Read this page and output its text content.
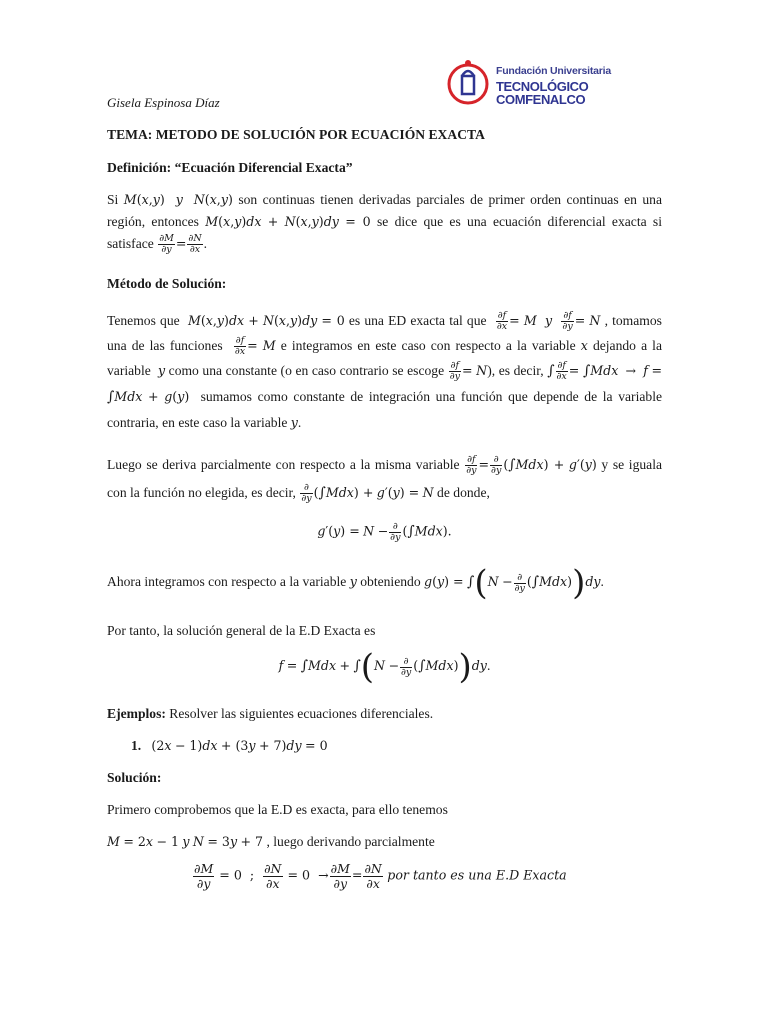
Fundación Universitaria
TECNOLÓGICO COMFENALCO
Gisela Espinosa Díaz
TEMA: METODO DE SOLUCIÓN POR ECUACIÓN EXACTA
Definición: “Ecuación Diferencial Exacta”
Si M(x,y) y N(x,y) son continuas tienen derivadas parciales de primer orden continuas en una región, entonces M(x,y)dx + N(x,y)dy = 0 se dice que es una ecuación diferencial exacta si satisface $\frac{\partial M}{\partial y} = \frac{\partial N}{\partial x}$ .
Método de Solución:
Tenemos que  M(x,y)dx + N(x,y)dy = 0 es una ED exacta tal que $\frac{\partial f}{\partial x} = M$ y $\frac{\partial f}{\partial y} = N$ , tomamos una de las funciones $\frac{\partial f}{\partial x} = M$ e integramos en este caso con respecto a la variable x dejando a la variable  y como una constante (o en caso contrario se escoge $\frac{\partial f}{\partial y} = N$), es decir, ∫ $\frac{\partial f}{\partial x} = \int Mdx \to f = \int Mdx + g(y)$  sumamos como constante de integración una función que depende de la variable contraria, en este caso la variable y.
Luego se deriva parcialmente con respecto a la misma variable $\frac{\partial f}{\partial y} = \frac{\partial}{\partial y} (\int Mdx) + g'(y)$ y se iguala con la función no elegida, es decir, $\frac{\partial}{\partial y} (\int Mdx) + g'(y) = N$ de donde,
$g'(y) = N - \frac{\partial}{\partial y} (\int Mdx)$.
Ahora integramos con respecto a la variable y obteniendo $g(y) = \int(N - \frac{\partial}{\partial y} (\int Mdx))dy$.
Por tanto, la solución general de la E.D Exacta es
$f = \int Mdx + \int(N - \frac{\partial}{\partial y} (\int Mdx))dy$.
Ejemplos: Resolver las siguientes ecuaciones diferenciales.
1. (2x − 1)dx + (3y + 7)dy = 0
Solución:
Primero comprobemos que la E.D es exacta, para ello tenemos
M = 2x − 1 y N = 3y + 7 , luego derivando parcialmente
$\frac{\partial M}{\partial y} = 0$  ; $\frac{\partial N}{\partial x} = 0 \to \frac{\partial M}{\partial y} = \frac{\partial N}{\partial x}$ por tanto es una E.D Exacta
